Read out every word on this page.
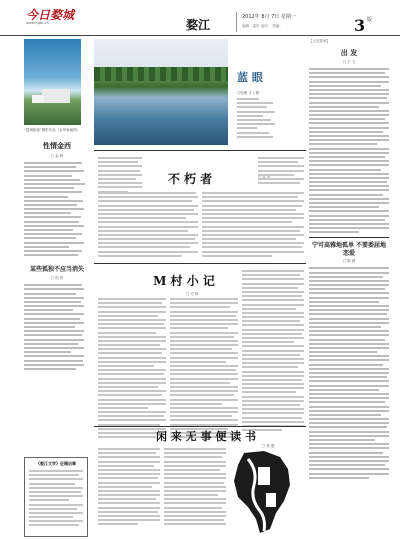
今日婺城
www.hjwb.cn	婺江
2012年 8月 7日 星期一
编辑：邵宏 电话： 美编：	3 版
“婺城新貌”摄影作品（金华新闻网）
性情金西
□ 金 晖
某些孤独不应当消失
□ 松 风
《婺江文学》征稿启事
蓝 眼
□郭俊 文 / 摄
不 朽 者
M 村 小 记
□ 方 林
闲 来 无 事 便 读 书
□ 张 俊
【走进婺城】
出 发
□ 王 飞
宁可高雅地孤单 不要委屈地恋爱
□ 陈 晨
